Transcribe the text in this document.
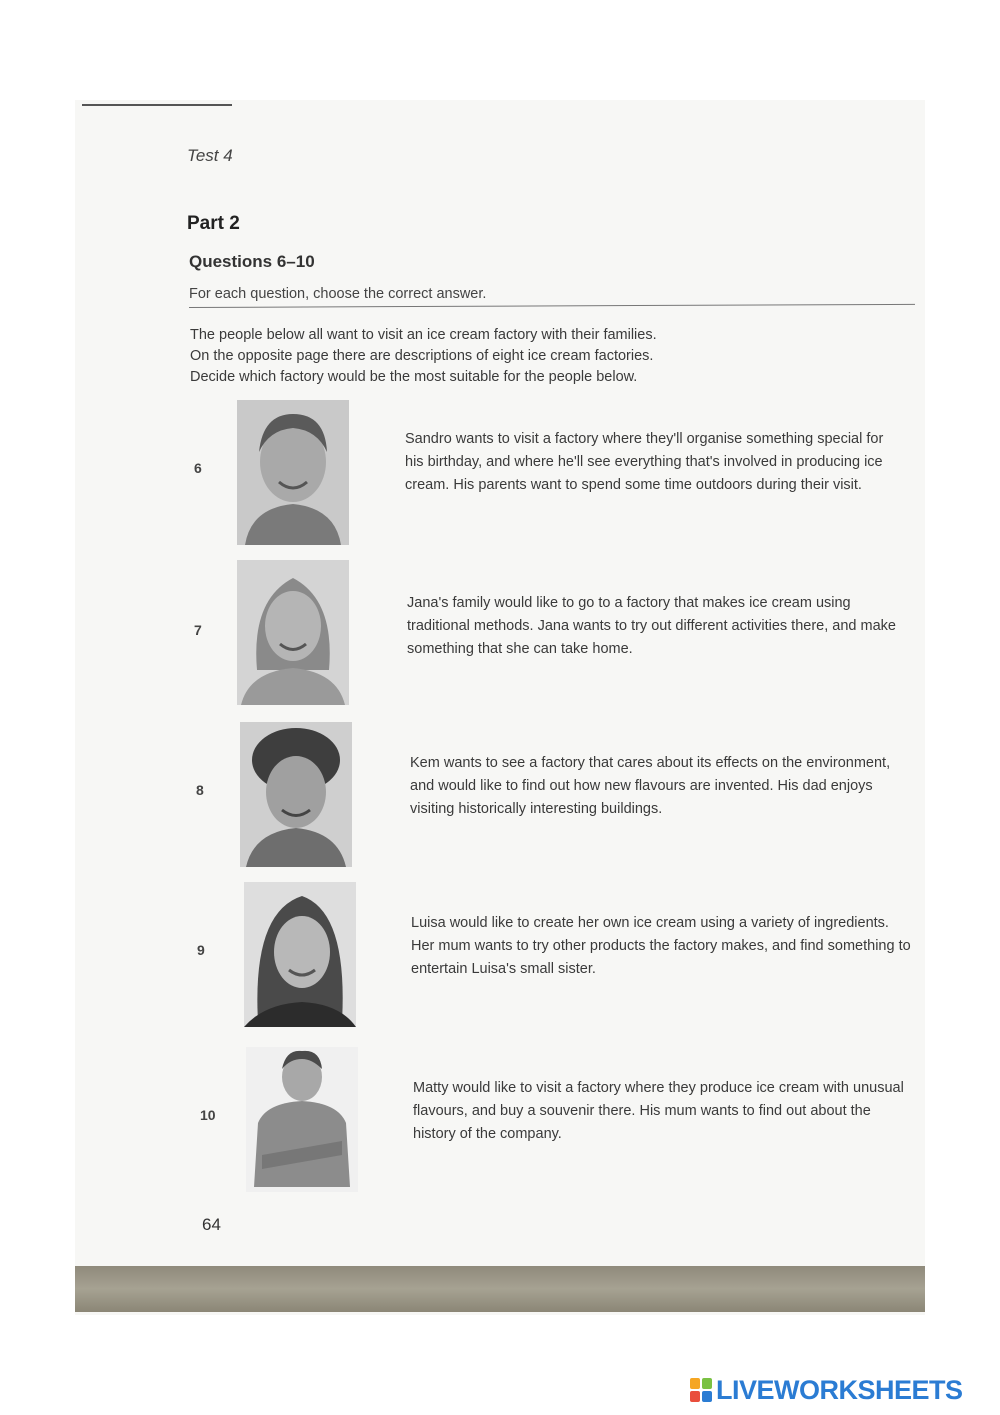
Test 4
Part 2
Questions 6–10
For each question, choose the correct answer.
The people below all want to visit an ice cream factory with their families.
On the opposite page there are descriptions of eight ice cream factories.
Decide which factory would be the most suitable for the people below.
6
Sandro wants to visit a factory where they'll organise something special for his birthday, and where he'll see everything that's involved in producing ice cream. His parents want to spend some time outdoors during their visit.
7
Jana's family would like to go to a factory that makes ice cream using traditional methods. Jana wants to try out different activities there, and make something that she can take home.
8
Kem wants to see a factory that cares about its effects on the environment, and would like to find out how new flavours are invented. His dad enjoys visiting historically interesting buildings.
9
Luisa would like to create her own ice cream using a variety of ingredients. Her mum wants to try other products the factory makes, and find something to entertain Luisa's small sister.
10
Matty would like to visit a factory where they produce ice cream with unusual flavours, and buy a souvenir there. His mum wants to find out about the history of the company.
64
LIVEWORKSHEETS
